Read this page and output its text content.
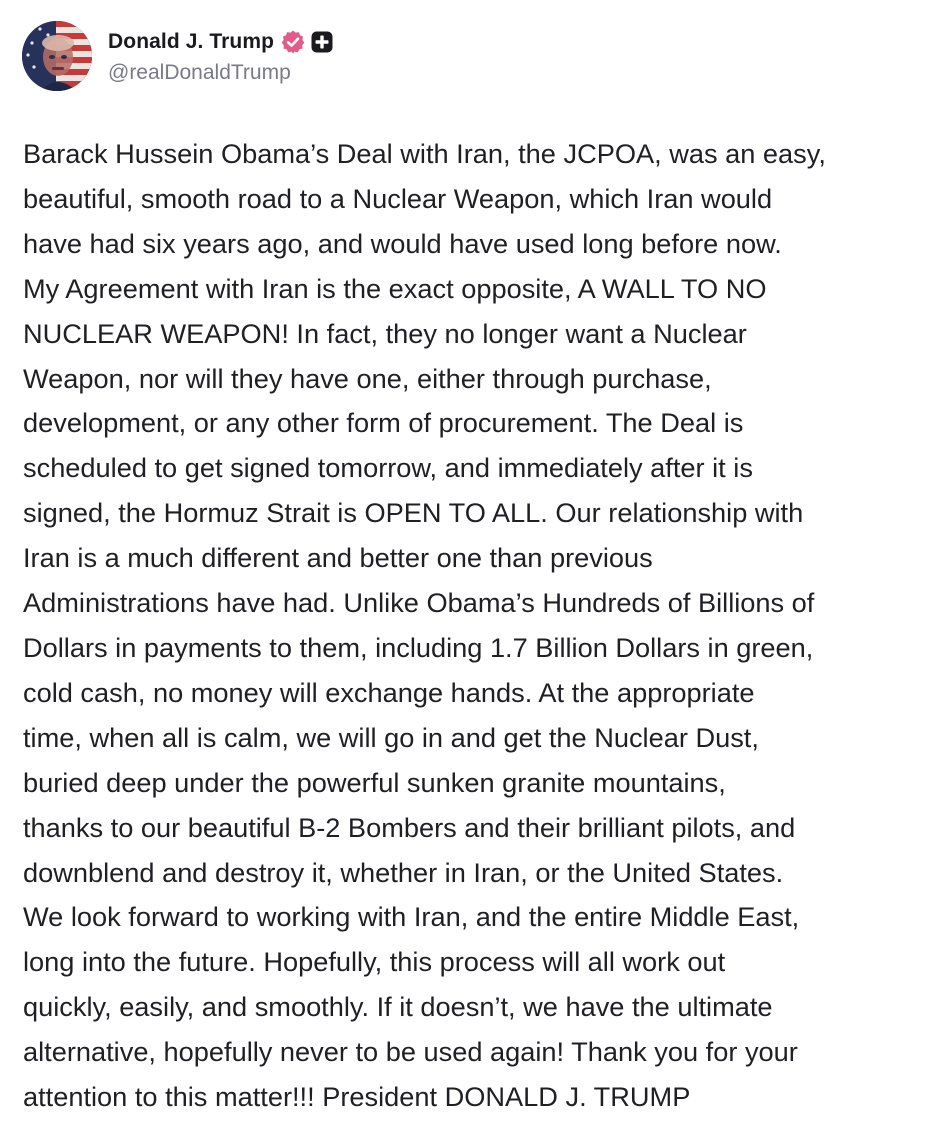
Donald J. Trump
@realDonaldTrump

Barack Hussein Obama’s Deal with Iran, the JCPOA, was an easy,
beautiful, smooth road to a Nuclear Weapon, which Iran would
have had six years ago, and would have used long before now.
My Agreement with Iran is the exact opposite, A WALL TO NO
NUCLEAR WEAPON! In fact, they no longer want a Nuclear
Weapon, nor will they have one, either through purchase,
development, or any other form of procurement. The Deal is
scheduled to get signed tomorrow, and immediately after it is
signed, the Hormuz Strait is OPEN TO ALL. Our relationship with
Iran is a much different and better one than previous
Administrations have had. Unlike Obama’s Hundreds of Billions of
Dollars in payments to them, including 1.7 Billion Dollars in green,
cold cash, no money will exchange hands. At the appropriate
time, when all is calm, we will go in and get the Nuclear Dust,
buried deep under the powerful sunken granite mountains,
thanks to our beautiful B-2 Bombers and their brilliant pilots, and
downblend and destroy it, whether in Iran, or the United States.
We look forward to working with Iran, and the entire Middle East,
long into the future. Hopefully, this process will all work out
quickly, easily, and smoothly. If it doesn’t, we have the ultimate
alternative, hopefully never to be used again! Thank you for your
attention to this matter!!! President DONALD J. TRUMP
